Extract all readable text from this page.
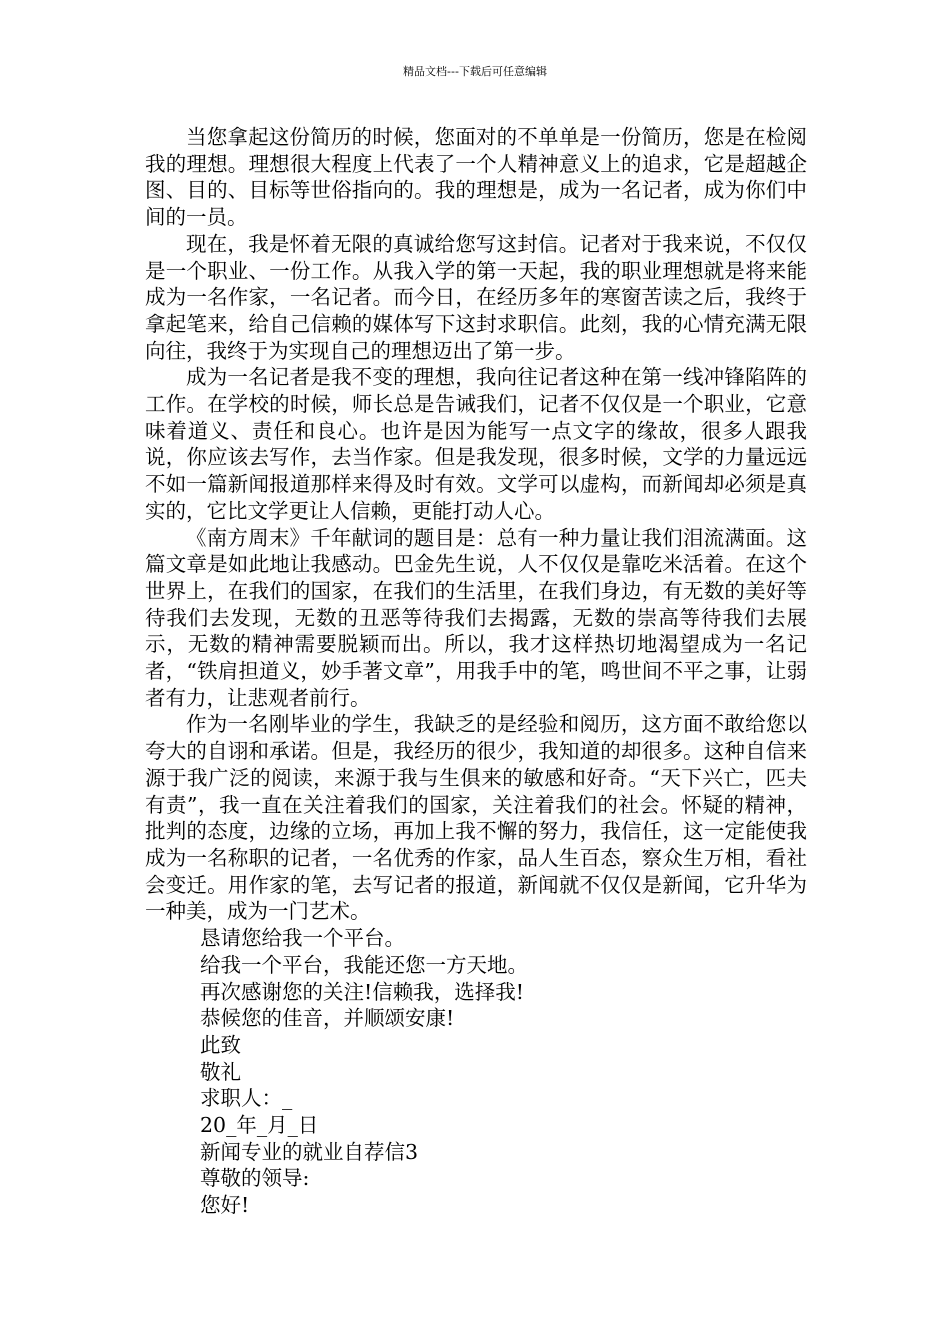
精品文档---下载后可任意编辑

当您拿起这份简历的时候，您面对的不单单是一份简历，您是在检阅我的理想。理想很大程度上代表了一个人精神意义上的追求，它是超越企图、目的、目标等世俗指向的。我的理想是，成为一名记者，成为你们中间的一员。

现在，我是怀着无限的真诚给您写这封信。记者对于我来说，不仅仅是一个职业、一份工作。从我入学的第一天起，我的职业理想就是将来能成为一名作家，一名记者。而今日，在经历多年的寒窗苦读之后，我终于拿起笔来，给自己信赖的媒体写下这封求职信。此刻，我的心情充满无限向往，我终于为实现自己的理想迈出了第一步。

成为一名记者是我不变的理想，我向往记者这种在第一线冲锋陷阵的工作。在学校的时候，师长总是告诫我们，记者不仅仅是一个职业，它意味着道义、责任和良心。也许是因为能写一点文字的缘故，很多人跟我说，你应该去写作，去当作家。但是我发现，很多时候，文学的力量远远不如一篇新闻报道那样来得及时有效。文学可以虚构，而新闻却必须是真实的，它比文学更让人信赖，更能打动人心。

《南方周末》千年献词的题目是：总有一种力量让我们泪流满面。这篇文章是如此地让我感动。巴金先生说，人不仅仅是靠吃米活着。在这个世界上，在我们的国家，在我们的生活里，在我们身边，有无数的美好等待我们去发现，无数的丑恶等待我们去揭露，无数的崇高等待我们去展示，无数的精神需要脱颖而出。所以，我才这样热切地渴望成为一名记者，“铁肩担道义，妙手著文章”，用我手中的笔，鸣世间不平之事，让弱者有力，让悲观者前行。

作为一名刚毕业的学生，我缺乏的是经验和阅历，这方面不敢给您以夸大的自诩和承诺。但是，我经历的很少，我知道的却很多。这种自信来源于我广泛的阅读，来源于我与生俱来的敏感和好奇。“天下兴亡，匹夫有责”，我一直在关注着我们的国家，关注着我们的社会。怀疑的精神，批判的态度，边缘的立场，再加上我不懈的努力，我信任，这一定能使我成为一名称职的记者，一名优秀的作家，品人生百态，察众生万相，看社会变迁。用作家的笔，去写记者的报道，新闻就不仅仅是新闻，它升华为一种美，成为一门艺术。

恳请您给我一个平台。

给我一个平台，我能还您一方天地。

再次感谢您的关注!信赖我，选择我!

恭候您的佳音，并顺颂安康!

此致

敬礼

求职人：_

20_年_月_日

新闻专业的就业自荐信3

尊敬的领导:

您好!
